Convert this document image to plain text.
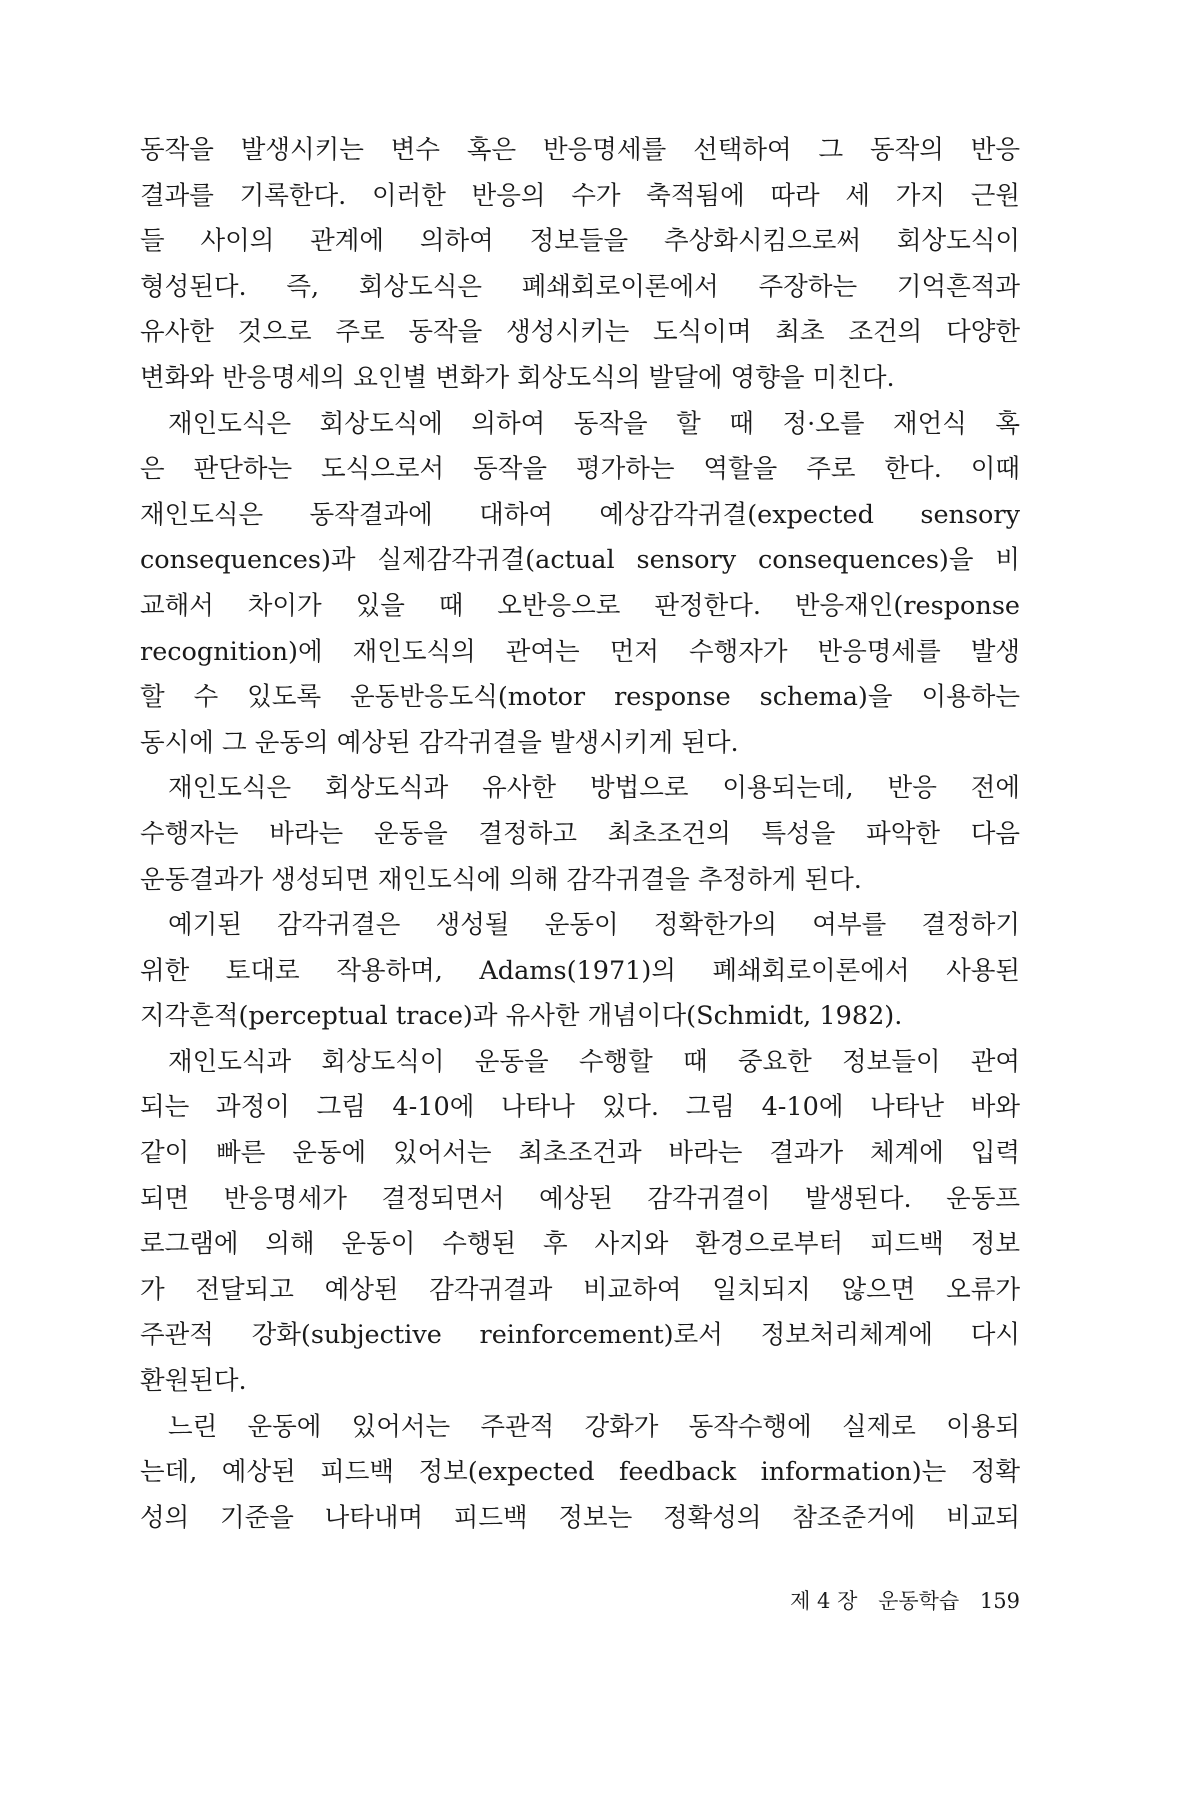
동작을 발생시키는 변수 혹은 반응명세를 선택하여 그 동작의 반응
결과를 기록한다. 이러한 반응의 수가 축적됨에 따라 세 가지 근원
들 사이의 관계에 의하여 정보들을 추상화시킴으로써 회상도식이
형성된다. 즉, 회상도식은 폐쇄회로이론에서 주장하는 기억흔적과
유사한 것으로 주로 동작을 생성시키는 도식이며 최초 조건의 다양한
변화와 반응명세의 요인별 변화가 회상도식의 발달에 영향을 미친다.
재인도식은 회상도식에 의하여 동작을 할 때 정·오를 재언식 혹
은 판단하는 도식으로서 동작을 평가하는 역할을 주로 한다. 이때
재인도식은 동작결과에 대하여 예상감각귀결(expected sensory
consequences)과 실제감각귀결(actual sensory consequences)을 비
교해서 차이가 있을 때 오반응으로 판정한다. 반응재인(response
recognition)에 재인도식의 관여는 먼저 수행자가 반응명세를 발생
할 수 있도록 운동반응도식(motor response schema)을 이용하는
동시에 그 운동의 예상된 감각귀결을 발생시키게 된다.
재인도식은 회상도식과 유사한 방법으로 이용되는데, 반응 전에
수행자는 바라는 운동을 결정하고 최초조건의 특성을 파악한 다음
운동결과가 생성되면 재인도식에 의해 감각귀결을 추정하게 된다.
예기된 감각귀결은 생성될 운동이 정확한가의 여부를 결정하기
위한 토대로 작용하며, Adams(1971)의 폐쇄회로이론에서 사용된
지각흔적(perceptual trace)과 유사한 개념이다(Schmidt, 1982).
재인도식과 회상도식이 운동을 수행할 때 중요한 정보들이 관여
되는 과정이 그림 4-10에 나타나 있다. 그림 4-10에 나타난 바와
같이 빠른 운동에 있어서는 최초조건과 바라는 결과가 체계에 입력
되면 반응명세가 결정되면서 예상된 감각귀결이 발생된다. 운동프
로그램에 의해 운동이 수행된 후 사지와 환경으로부터 피드백 정보
가 전달되고 예상된 감각귀결과 비교하여 일치되지 않으면 오류가
주관적 강화(subjective reinforcement)로서 정보처리체계에 다시
환원된다.
느린 운동에 있어서는 주관적 강화가 동작수행에 실제로 이용되
는데, 예상된 피드백 정보(expected feedback information)는 정확
성의 기준을 나타내며 피드백 정보는 정확성의 참조준거에 비교되
제 4 장 운동학습 159
